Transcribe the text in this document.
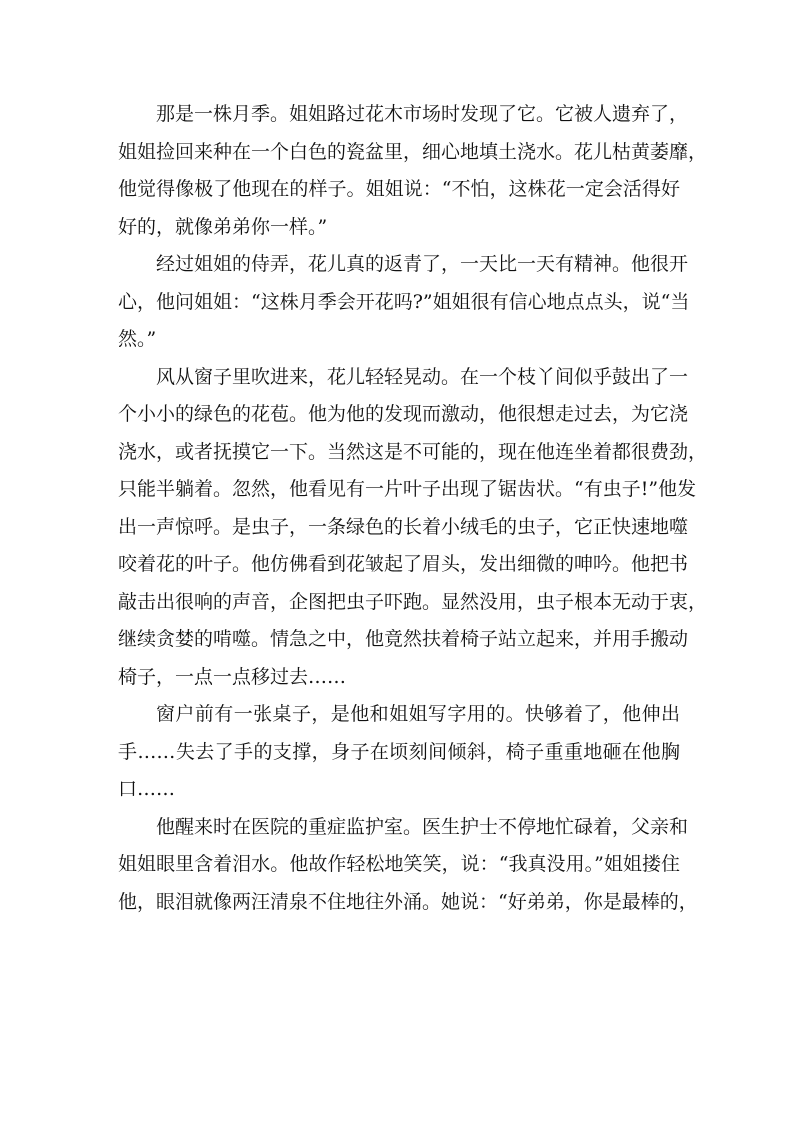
那是一株月季。姐姐路过花木市场时发现了它。它被人遗弃了，
姐姐捡回来种在一个白色的瓷盆里，细心地填土浇水。花儿枯黄萎靡，
他觉得像极了他现在的样子。姐姐说：“不怕，这株花一定会活得好
好的，就像弟弟你一样。”

经过姐姐的侍弄，花儿真的返青了，一天比一天有精神。他很开
心，他问姐姐：“这株月季会开花吗?”姐姐很有信心地点点头，说“当
然。”

风从窗子里吹进来，花儿轻轻晃动。在一个枝丫间似乎鼓出了一
个小小的绿色的花苞。他为他的发现而激动，他很想走过去，为它浇
浇水，或者抚摸它一下。当然这是不可能的，现在他连坐着都很费劲，
只能半躺着。忽然，他看见有一片叶子出现了锯齿状。“有虫子!”他发
出一声惊呼。是虫子，一条绿色的长着小绒毛的虫子，它正快速地噬
咬着花的叶子。他仿佛看到花皱起了眉头，发出细微的呻吟。他把书
敲击出很响的声音，企图把虫子吓跑。显然没用，虫子根本无动于衷，
继续贪婪的啃噬。情急之中，他竟然扶着椅子站立起来，并用手搬动
椅子，一点一点移过去……

窗户前有一张桌子，是他和姐姐写字用的。快够着了，他伸出
手……失去了手的支撑，身子在顷刻间倾斜，椅子重重地砸在他胸
口……

他醒来时在医院的重症监护室。医生护士不停地忙碌着，父亲和
姐姐眼里含着泪水。他故作轻松地笑笑，说：“我真没用。”姐姐搂住
他，眼泪就像两汪清泉不住地往外涌。她说：“好弟弟，你是最棒的，
